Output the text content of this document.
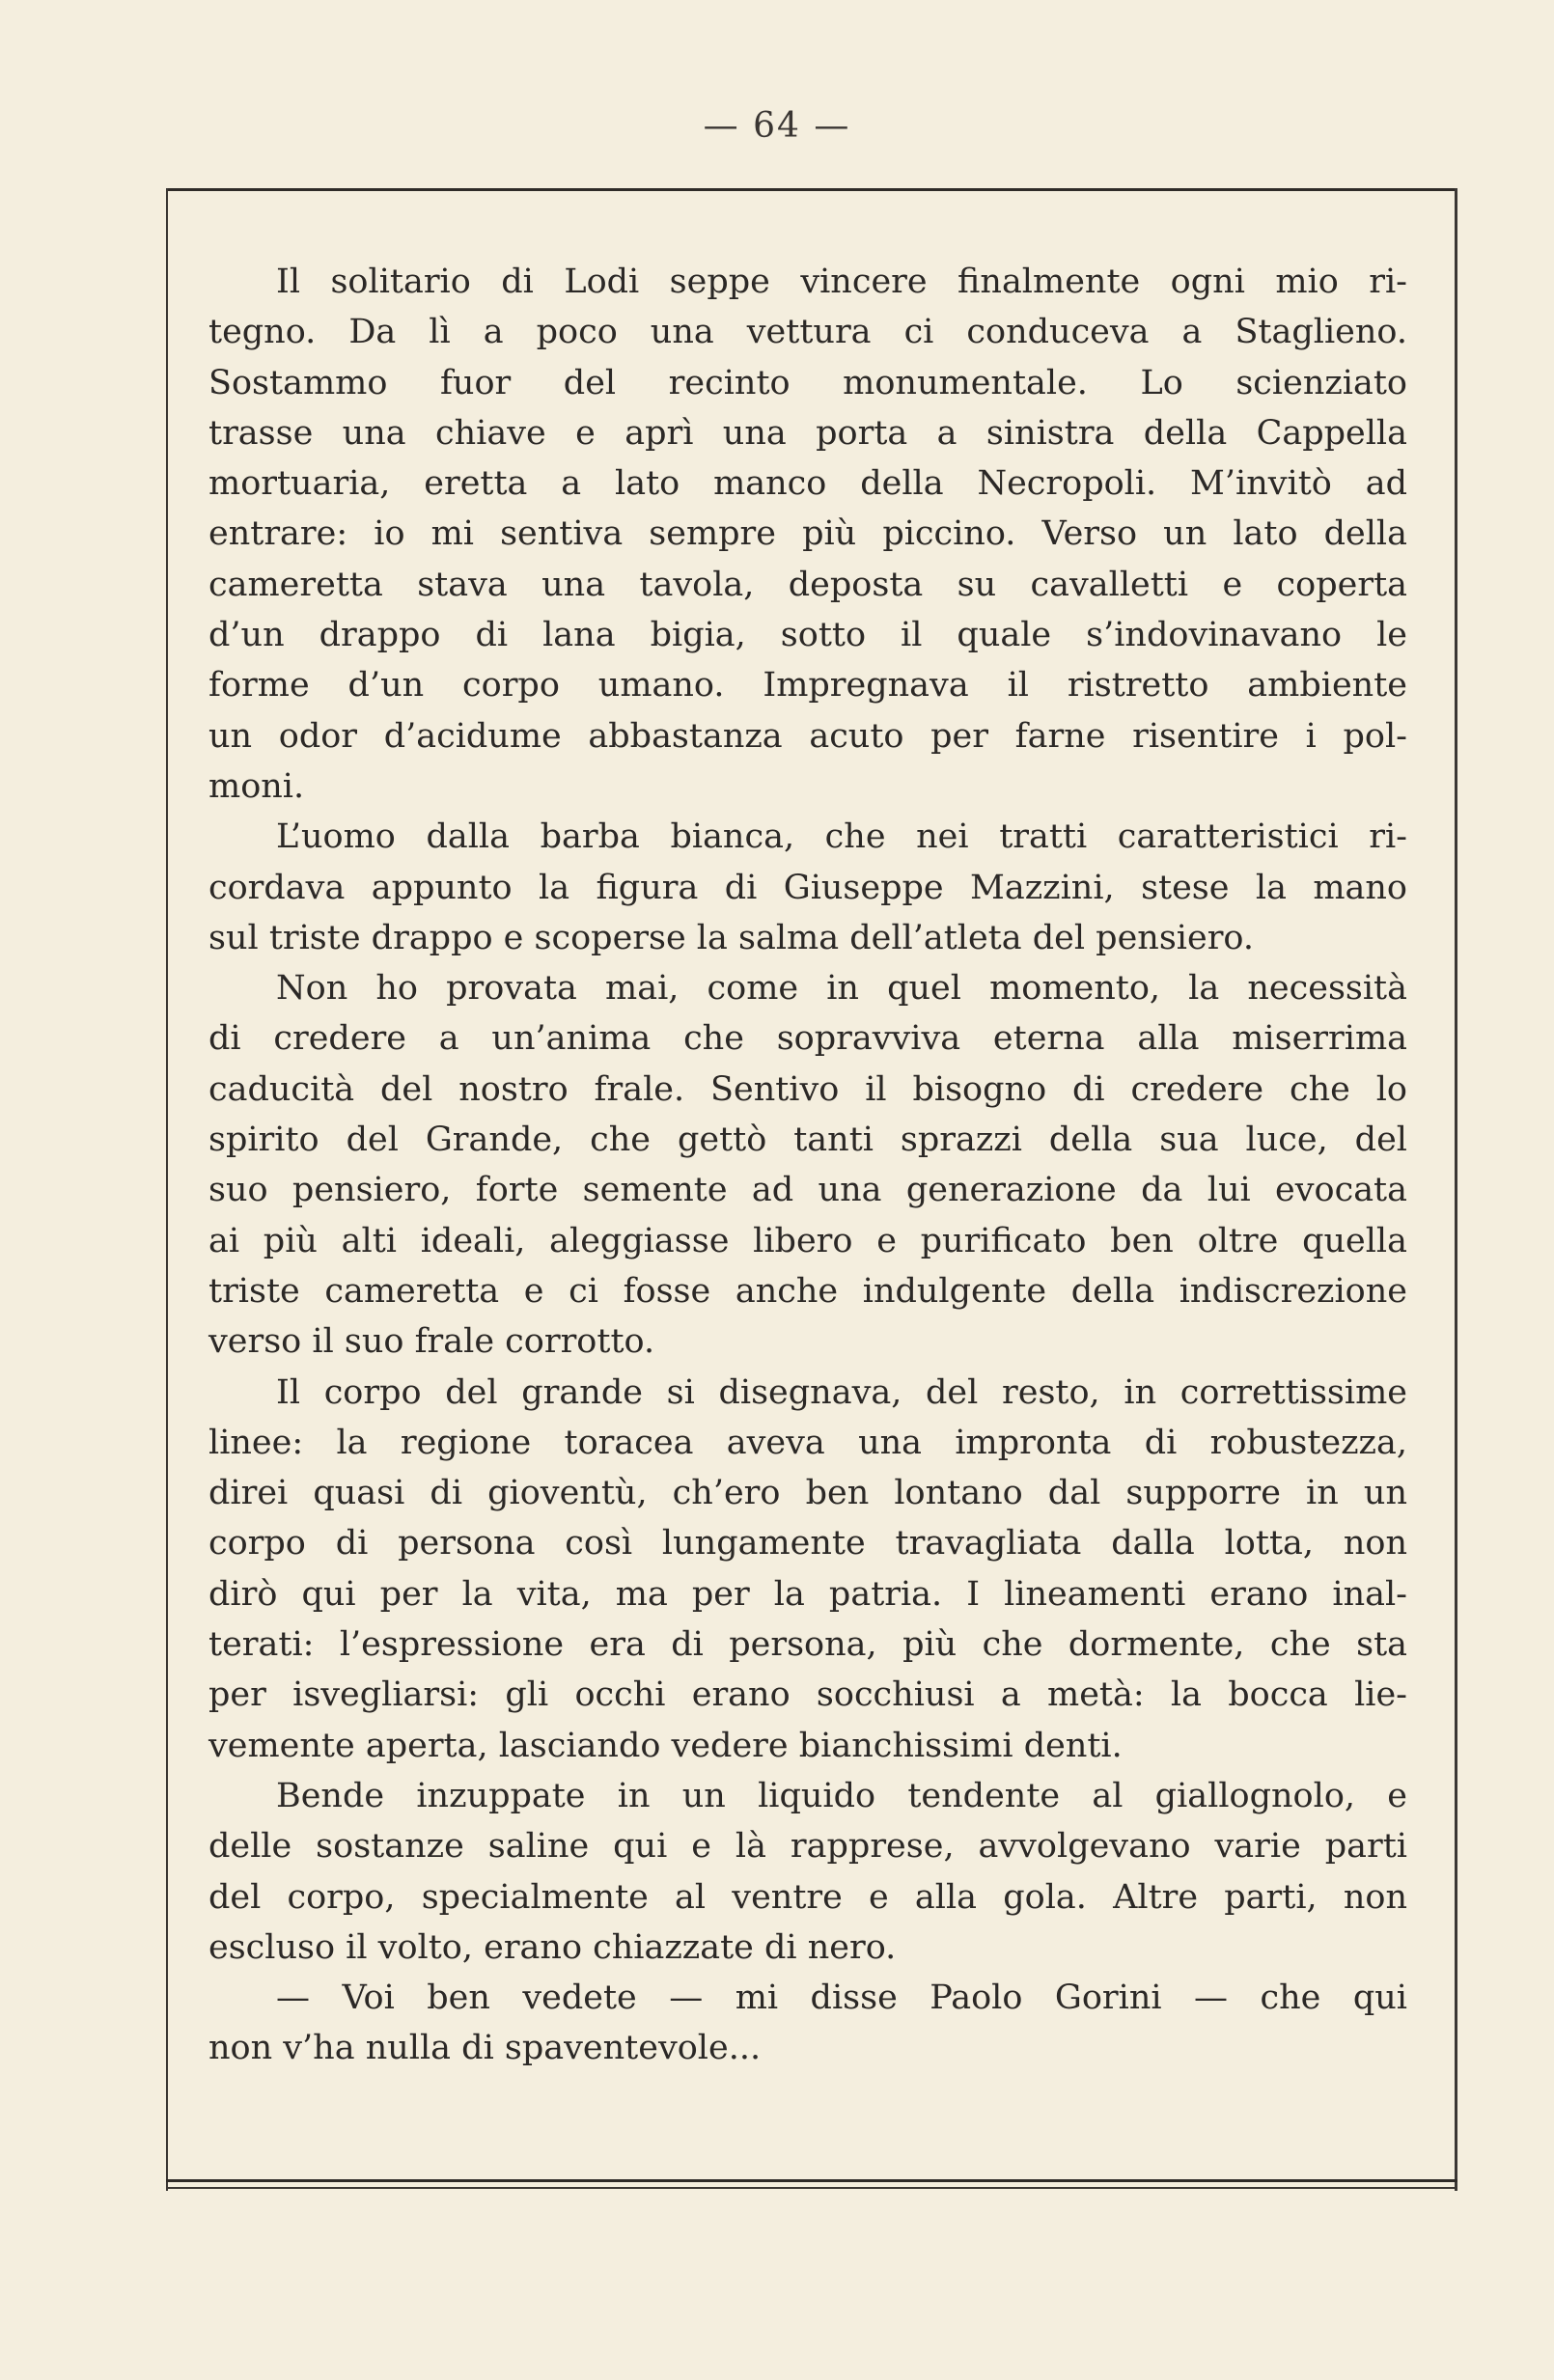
— 64 —
Il solitario di Lodi seppe vincere finalmente ogni mio ri-
tegno. Da lì a poco una vettura ci conduceva a Staglieno.
Sostammo fuor del recinto monumentale. Lo scienziato
trasse una chiave e aprì una porta a sinistra della Cappella
mortuaria, eretta a lato manco della Necropoli. M’invitò ad
entrare: io mi sentiva sempre più piccino. Verso un lato della
cameretta stava una tavola, deposta su cavalletti e coperta
d’un drappo di lana bigia, sotto il quale s’indovinavano le
forme d’un corpo umano. Impregnava il ristretto ambiente
un odor d’acidume abbastanza acuto per farne risentire i pol-
moni.
L’uomo dalla barba bianca, che nei tratti caratteristici ri-
cordava appunto la figura di Giuseppe Mazzini, stese la mano
sul triste drappo e scoperse la salma dell’atleta del pensiero.
Non ho provata mai, come in quel momento, la necessità
di credere a un’anima che sopravviva eterna alla miserrima
caducità del nostro frale. Sentivo il bisogno di credere che lo
spirito del Grande, che gettò tanti sprazzi della sua luce, del
suo pensiero, forte semente ad una generazione da lui evocata
ai più alti ideali, aleggiasse libero e purificato ben oltre quella
triste cameretta e ci fosse anche indulgente della indiscrezione
verso il suo frale corrotto.
Il corpo del grande si disegnava, del resto, in correttissime
linee: la regione toracea aveva una impronta di robustezza,
direi quasi di gioventù, ch’ero ben lontano dal supporre in un
corpo di persona così lungamente travagliata dalla lotta, non
dirò qui per la vita, ma per la patria. I lineamenti erano inal-
terati: l’espressione era di persona, più che dormente, che sta
per isvegliarsi: gli occhi erano socchiusi a metà: la bocca lie-
vemente aperta, lasciando vedere bianchissimi denti.
Bende inzuppate in un liquido tendente al giallognolo, e
delle sostanze saline qui e là rapprese, avvolgevano varie parti
del corpo, specialmente al ventre e alla gola. Altre parti, non
escluso il volto, erano chiazzate di nero.
— Voi ben vedete — mi disse Paolo Gorini — che qui
non v’ha nulla di spaventevole...
